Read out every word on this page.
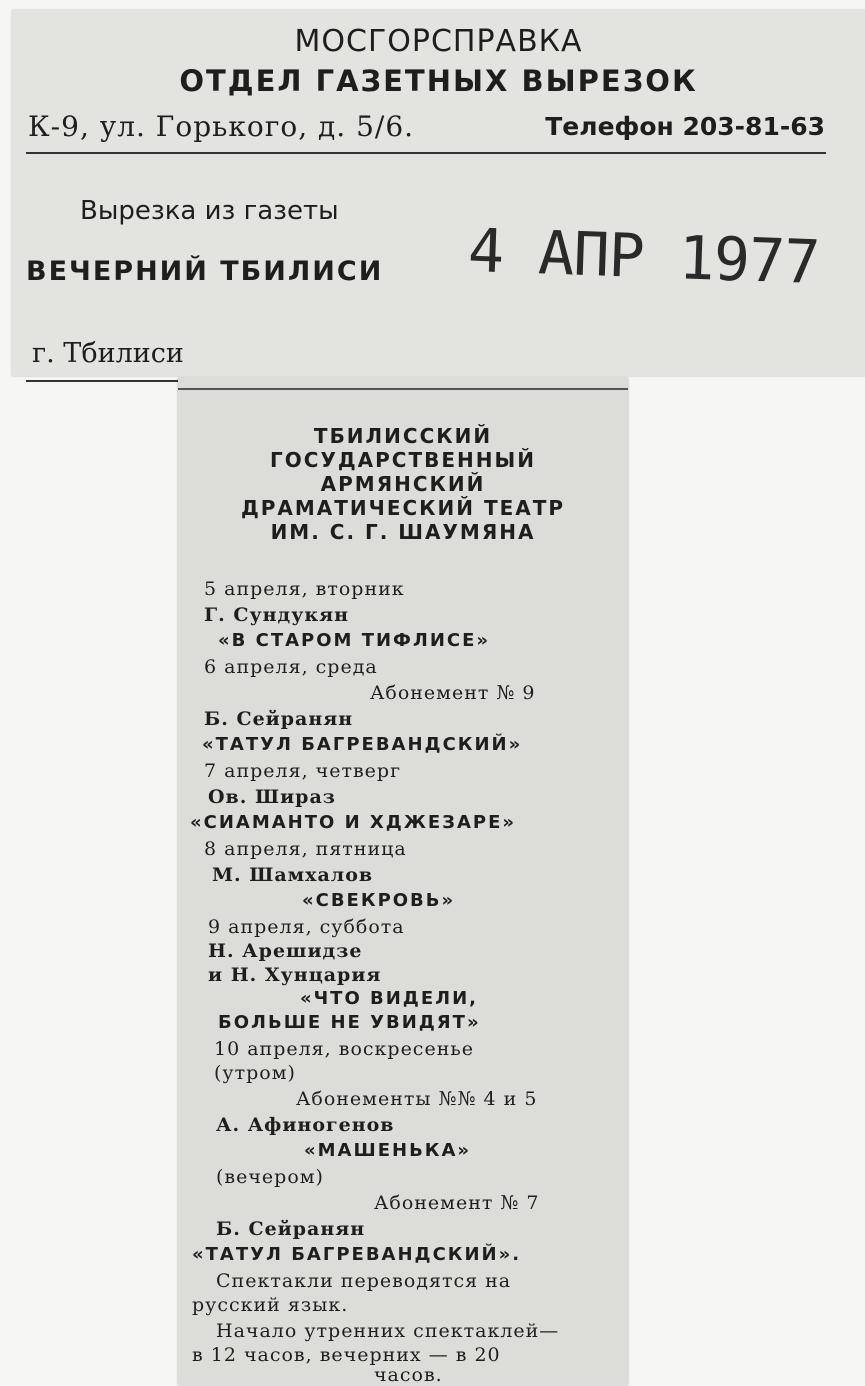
МОСГОРСПРАВКА
ОТДЕЛ ГАЗЕТНЫХ ВЫРЕЗОК
К-9, ул. Горького, д. 5/6.	Телефон 203-81-63
Вырезка из газеты
ВЕЧЕРНИЙ ТБИЛИСИ 4 АПР 1977
г. Тбилиси
ТБИЛИССКИЙ
ГОСУДАРСТВЕННЫЙ
АРМЯНСКИЙ
ДРАМАТИЧЕСКИЙ ТЕАТР
ИМ. С. Г. ШАУМЯНА
5 апреля, вторник
Г. Сундукян
«В СТАРОМ ТИФЛИСЕ»
6 апреля, среда
Абонемент № 9
Б. Сейранян
«ТАТУЛ БАГРЕВАНДСКИЙ»
7 апреля, четверг
Ов. Шираз
«СИАМАНТО И ХДЖЕЗАРЕ»
8 апреля, пятница
М. Шамхалов
«СВЕКРОВЬ»
9 апреля, суббота
Н. Арешидзе
и Н. Хунцария
«ЧТО ВИДЕЛИ,
БОЛЬШЕ НЕ УВИДЯТ»
10 апреля, воскресенье
(утром)
Абонементы №№ 4 и 5
А. Афиногенов
«МАШЕНЬКА»
(вечером)
Абонемент № 7
Б. Сейранян
«ТАТУЛ БАГРЕВАНДСКИЙ».
Спектакли переводятся на
русский язык.
Начало утренних спектаклей—
в 12 часов, вечерних — в 20
часов.
